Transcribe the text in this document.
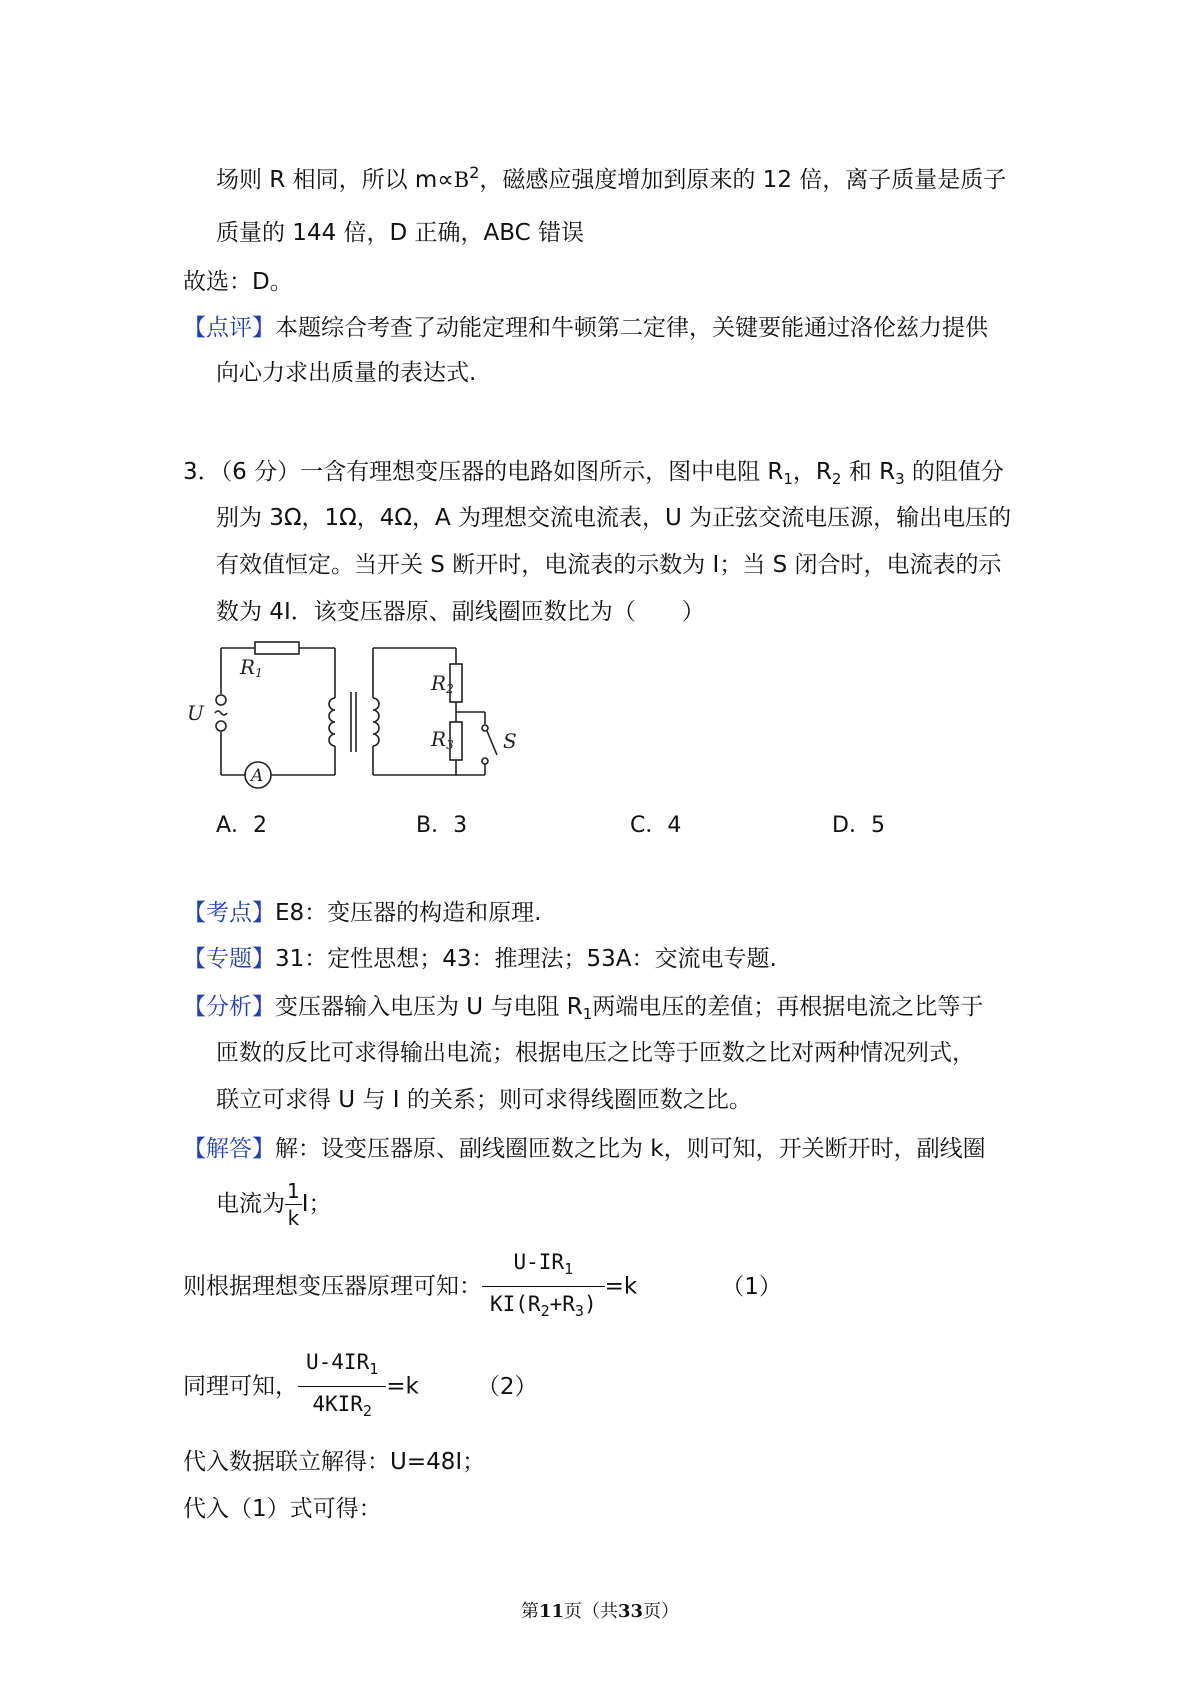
场则 R 相同，所以 $m\propto B^2$，磁感应强度增加到原来的 12 倍，离子质量是质子
质量的 144 倍，D 正确，ABC 错误
故选：D。
【点评】本题综合考查了动能定理和牛顿第二定律，关键要能通过洛伦兹力提供
向心力求出质量的表达式.
3．（6 分）一含有理想变压器的电路如图所示，图中电阻 $R_1$，$R_2$ 和 $R_3$ 的阻值分
别为 3Ω，1Ω，4Ω，A 为理想交流电流表，U 为正弦交流电压源，输出电压的
有效值恒定。当开关 S 断开时，电流表的示数为 I；当 S 闭合时，电流表的示
数为 4I．该变压器原、副线圈匝数比为（　　）
R1	R2
R3
U
S
A
A．2	B．3	C．4	D．5
【考点】E8：变压器的构造和原理.
【专题】31：定性思想；43：推理法；53A：交流电专题.
【分析】变压器输入电压为 U 与电阻 $R_1$两端电压的差值；再根据电流之比等于
匝数的反比可求得输出电流；根据电压之比等于匝数之比对两种情况列式，
联立可求得 U 与 I 的关系；则可求得线圈匝数之比。
【解答】解：设变压器原、副线圈匝数之比为 k，则可知，开关断开时，副线圈
电流为 $\frac{1}{k}$ I；
则根据理想变压器原理可知： $\frac{U-IR_1}{KI(R_2+R_3)} =k$	（1）
同理可知， $\frac{U-4IR_1}{4KIR_2} =k$	（2）
代入数据联立解得：U=48I；
代入（1）式可得：
第11页（共33页）
